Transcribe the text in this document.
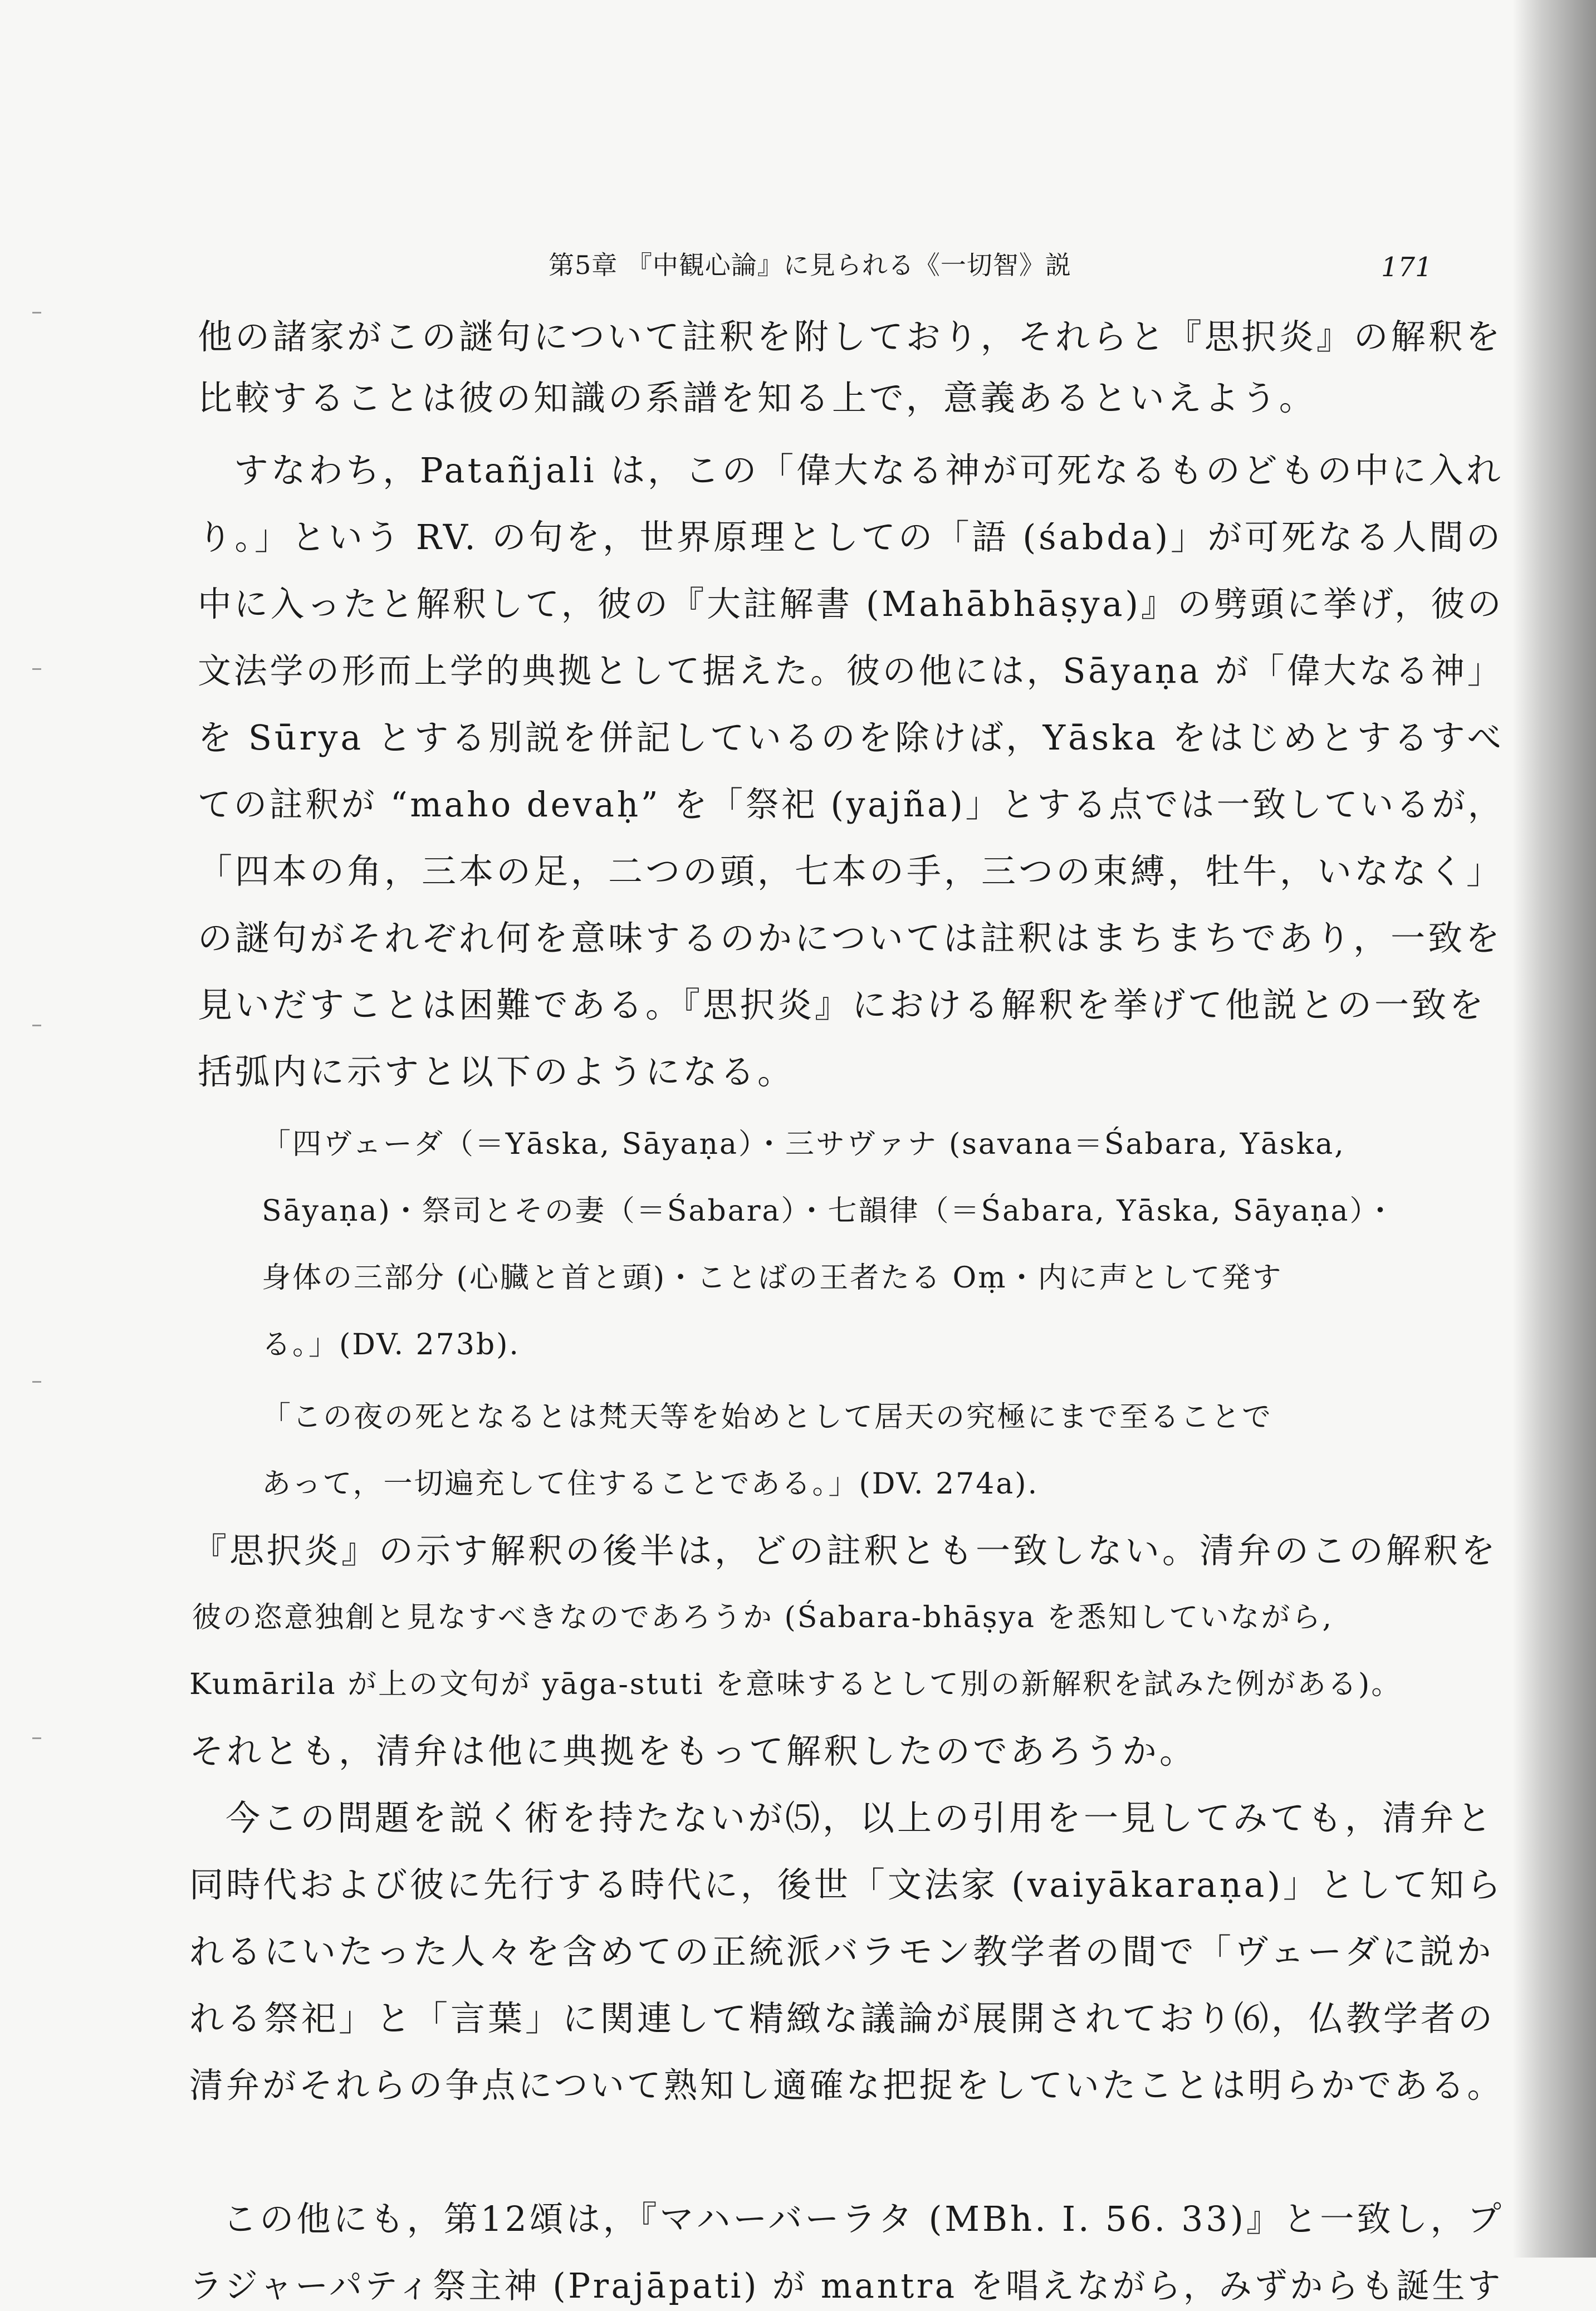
第5章 『中観心論』に見られる《一切智》説	171
他の諸家がこの謎句について註釈を附しており，それらと『思択炎』の解釈を
比較することは彼の知識の系譜を知る上で，意義あるといえよう。
すなわち，Patañjali は，この「偉大なる神が可死なるものどもの中に入れ
り。」という RV. の句を，世界原理としての「語 (śabda)」が可死なる人間の
中に入ったと解釈して，彼の『大註解書 (Mahābhāṣya)』の劈頭に挙げ，彼の
文法学の形而上学的典拠として据えた。彼の他には，Sāyaṇa が「偉大なる神」
を Sūrya とする別説を併記しているのを除けば，Yāska をはじめとするすべ
ての註釈が “maho devaḥ” を「祭祀 (yajña)」とする点では一致しているが，
「四本の角，三本の足，二つの頭，七本の手，三つの束縛，牡牛，いななく」
の謎句がそれぞれ何を意味するのかについては註釈はまちまちであり，一致を
見いだすことは困難である。『思択炎』における解釈を挙げて他説との一致を
括弧内に示すと以下のようになる。
「四ヴェーダ（＝Yāska, Sāyaṇa）・三サヴァナ (savana＝Śabara, Yāska,
Sāyaṇa)・祭司とその妻（＝Śabara）・七韻律（＝Śabara, Yāska, Sāyaṇa）・
身体の三部分 (心臓と首と頭)・ことばの王者たる Oṃ・内に声として発す
る。」(DV. 273b).
「この夜の死となるとは梵天等を始めとして居天の究極にまで至ることで
あって，一切遍充して住することである。」(DV. 274a).
『思択炎』の示す解釈の後半は，どの註釈とも一致しない。清弁のこの解釈を
彼の恣意独創と見なすべきなのであろうか (Śabara-bhāṣya を悉知していながら,
Kumārila が上の文句が yāga-stuti を意味するとして別の新解釈を試みた例がある)。
それとも，清弁は他に典拠をもって解釈したのであろうか。
今この問題を説く術を持たないが⑸，以上の引用を一見してみても，清弁と
同時代および彼に先行する時代に，後世「文法家 (vaiyākaraṇa)」として知ら
れるにいたった人々を含めての正統派バラモン教学者の間で「ヴェーダに説か
れる祭祀」と「言葉」に関連して精緻な議論が展開されており⑹，仏教学者の
清弁がそれらの争点について熟知し適確な把捉をしていたことは明らかである。
この他にも，第12頌は，『マハーバーラタ (MBh. I. 56. 33)』と一致し，プ
ラジャーパティ祭主神 (Prajāpati) が mantra を唱えながら，みずからも誕生す
